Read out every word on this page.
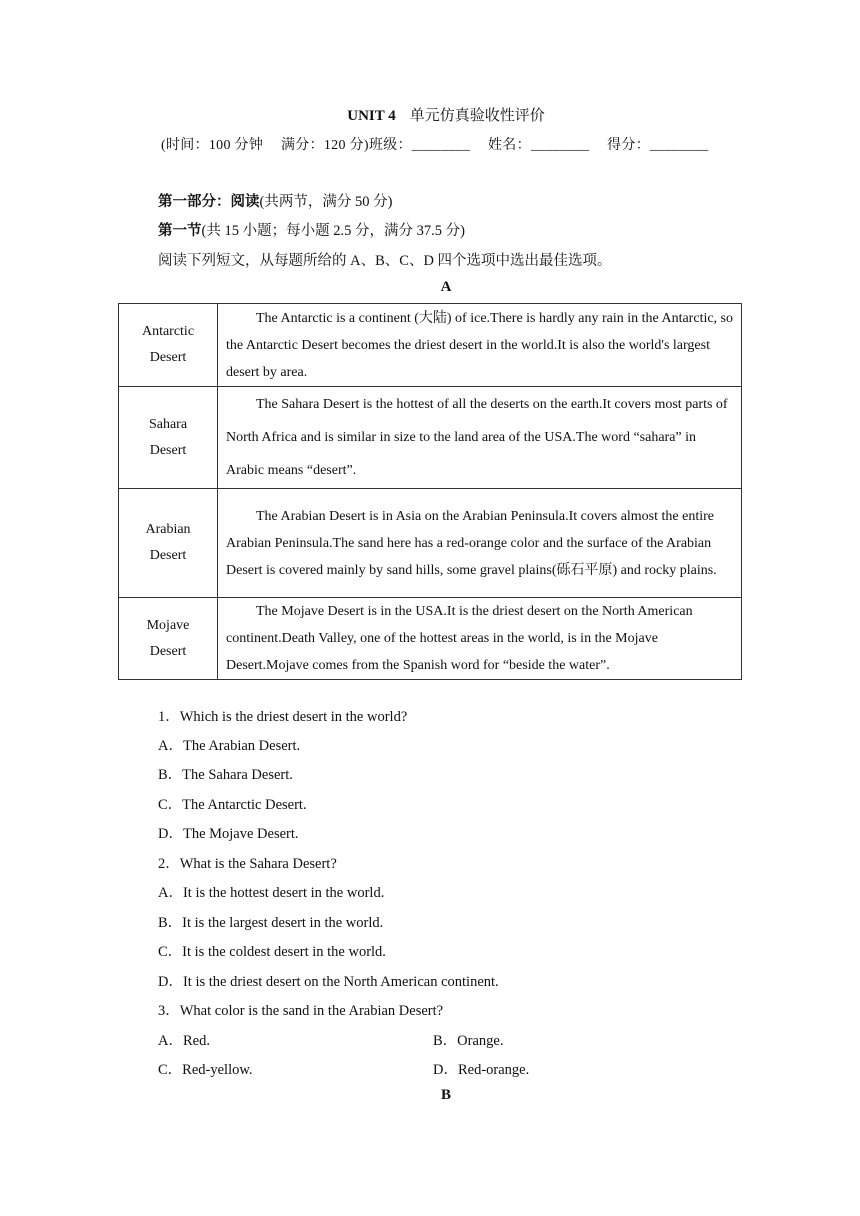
UNIT 4 单元仿真验收性评价
(时间：100 分钟 满分：120 分)班级：________ 姓名：________ 得分：________
第一部分：阅读(共两节，满分 50 分)
第一节(共 15 小题；每小题 2.5 分，满分 37.5 分)
阅读下列短文，从每题所给的 A、B、C、D 四个选项中选出最佳选项。
A
Antarctic
Desert	The Antarctic is a continent (大陆) of ice.There is hardly any rain in the Antarctic, so the Antarctic Desert becomes the driest desert in the world.It is also the world's largest desert by area.
Sahara
Desert	The Sahara Desert is the hottest of all the deserts on the earth.It covers most parts of North Africa and is similar in size to the land area of the USA.The word “sahara” in Arabic means “desert”.
Arabian
Desert	The Arabian Desert is in Asia on the Arabian Peninsula.It covers almost the entire Arabian Peninsula.The sand here has a red-orange color and the surface of the Arabian Desert is covered mainly by sand hills, some gravel plains(砾石平原) and rocky plains.
Mojave
Desert	The Mojave Desert is in the USA.It is the driest desert on the North American continent.Death Valley, one of the hottest areas in the world, is in the Mojave Desert.Mojave comes from the Spanish word for “beside the water”.
1．Which is the driest desert in the world?
A．The Arabian Desert.
B．The Sahara Desert.
C．The Antarctic Desert.
D．The Mojave Desert.
2．What is the Sahara Desert?
A．It is the hottest desert in the world.
B．It is the largest desert in the world.
C．It is the coldest desert in the world.
D．It is the driest desert on the North American continent.
3．What color is the sand in the Arabian Desert?
A．Red.	B．Orange.
C．Red-yellow.	D．Red-orange.
B
